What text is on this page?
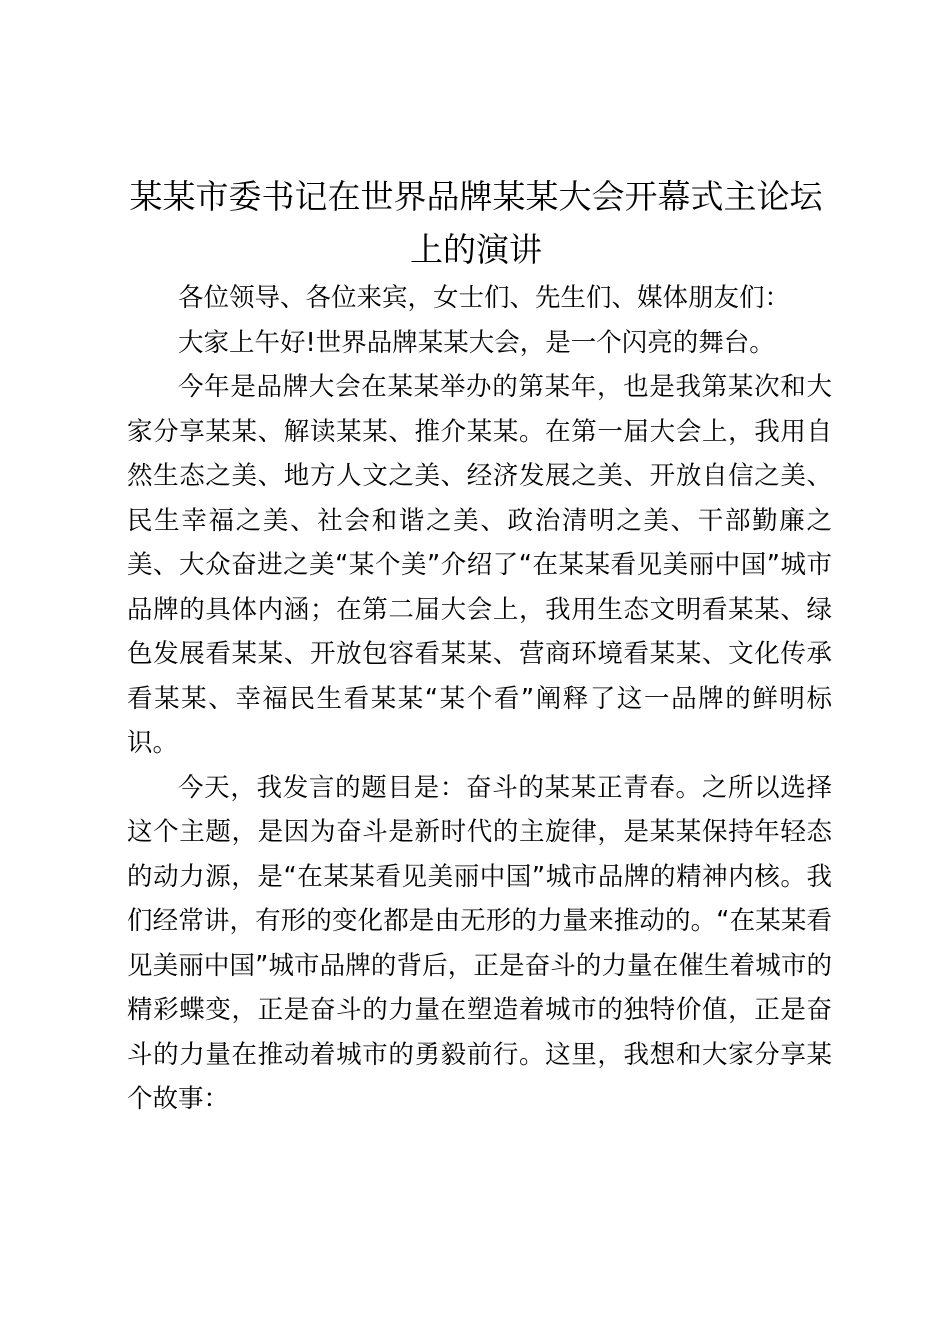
某某市委书记在世界品牌某某大会开幕式主论坛上的演讲

各位领导、各位来宾，女士们、先生们、媒体朋友们：

大家上午好!世界品牌某某大会，是一个闪亮的舞台。

今年是品牌大会在某某举办的第某年，也是我第某次和大家分享某某、解读某某、推介某某。在第一届大会上，我用自然生态之美、地方人文之美、经济发展之美、开放自信之美、民生幸福之美、社会和谐之美、政治清明之美、干部勤廉之美、大众奋进之美“某个美”介绍了“在某某看见美丽中国”城市品牌的具体内涵；在第二届大会上，我用生态文明看某某、绿色发展看某某、开放包容看某某、营商环境看某某、文化传承看某某、幸福民生看某某“某个看”阐释了这一品牌的鲜明标识。

今天，我发言的题目是：奋斗的某某正青春。之所以选择这个主题，是因为奋斗是新时代的主旋律，是某某保持年轻态的动力源，是“在某某看见美丽中国”城市品牌的精神内核。我们经常讲，有形的变化都是由无形的力量来推动的。“在某某看见美丽中国”城市品牌的背后，正是奋斗的力量在催生着城市的精彩蝶变，正是奋斗的力量在塑造着城市的独特价值，正是奋斗的力量在推动着城市的勇毅前行。这里，我想和大家分享某个故事：
